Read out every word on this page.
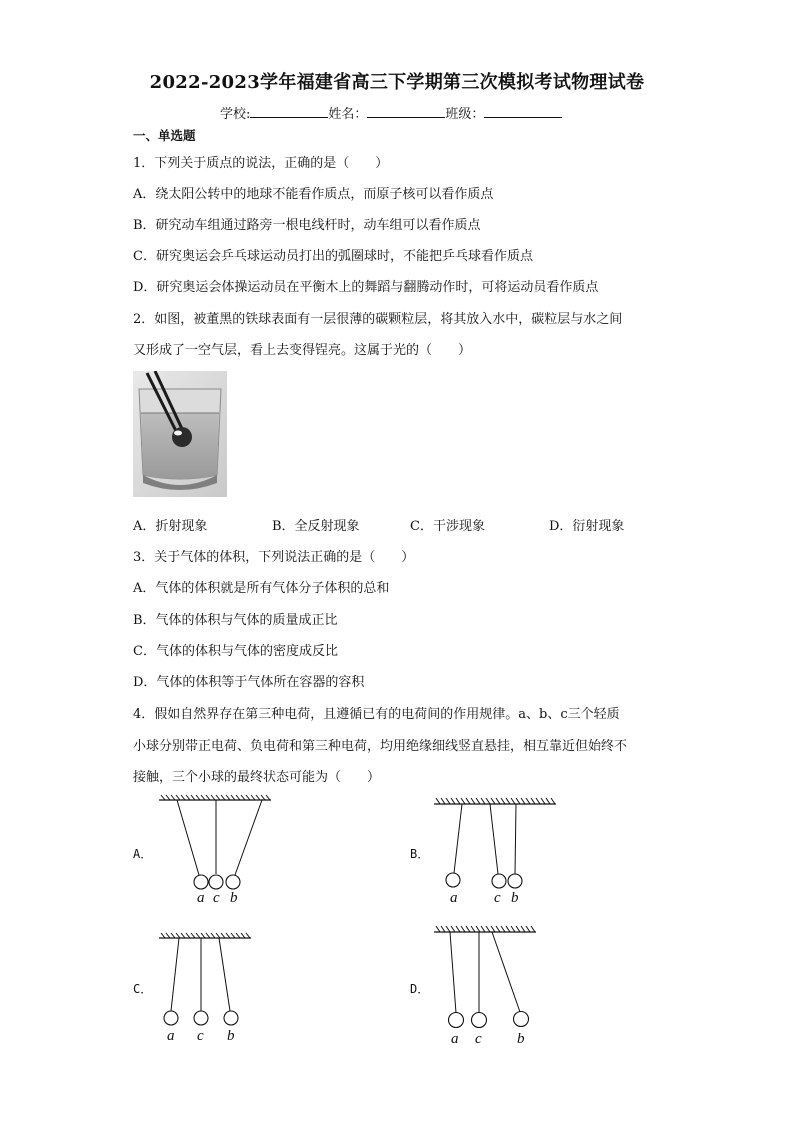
2022-2023学年福建省高三下学期第三次模拟考试物理试卷
学校:	姓名：	班级：
一、单选题
1．下列关于质点的说法，正确的是（　　）
A．绕太阳公转中的地球不能看作质点，而原子核可以看作质点
B．研究动车组通过路旁一根电线杆时，动车组可以看作质点
C．研究奥运会乒乓球运动员打出的弧圈球时，不能把乒乓球看作质点
D．研究奥运会体操运动员在平衡木上的舞蹈与翻腾动作时，可将运动员看作质点
2．如图，被董黑的铁球表面有一层很薄的碳颗粒层，将其放入水中，碳粒层与水之间
又形成了一空气层，看上去变得锃亮。这属于光的（　　）
A．折射现象	B．全反射现象	C．干涉现象	D．衍射现象
3．关于气体的体积，下列说法正确的是（　　）
A．气体的体积就是所有气体分子体积的总和
B．气体的体积与气体的质量成正比
C．气体的体积与气体的密度成反比
D．气体的体积等于气体所在容器的容积
4．假如自然界存在第三种电荷，且遵循已有的电荷间的作用规律。a、b、c三个轻质
小球分别带正电荷、负电荷和第三种电荷，均用绝缘细线竖直悬挂，相互靠近但始终不
接触，三个小球的最终状态可能为（　　）
A．	B．
C．	D．
a c b	a c b
a c b	a c b
